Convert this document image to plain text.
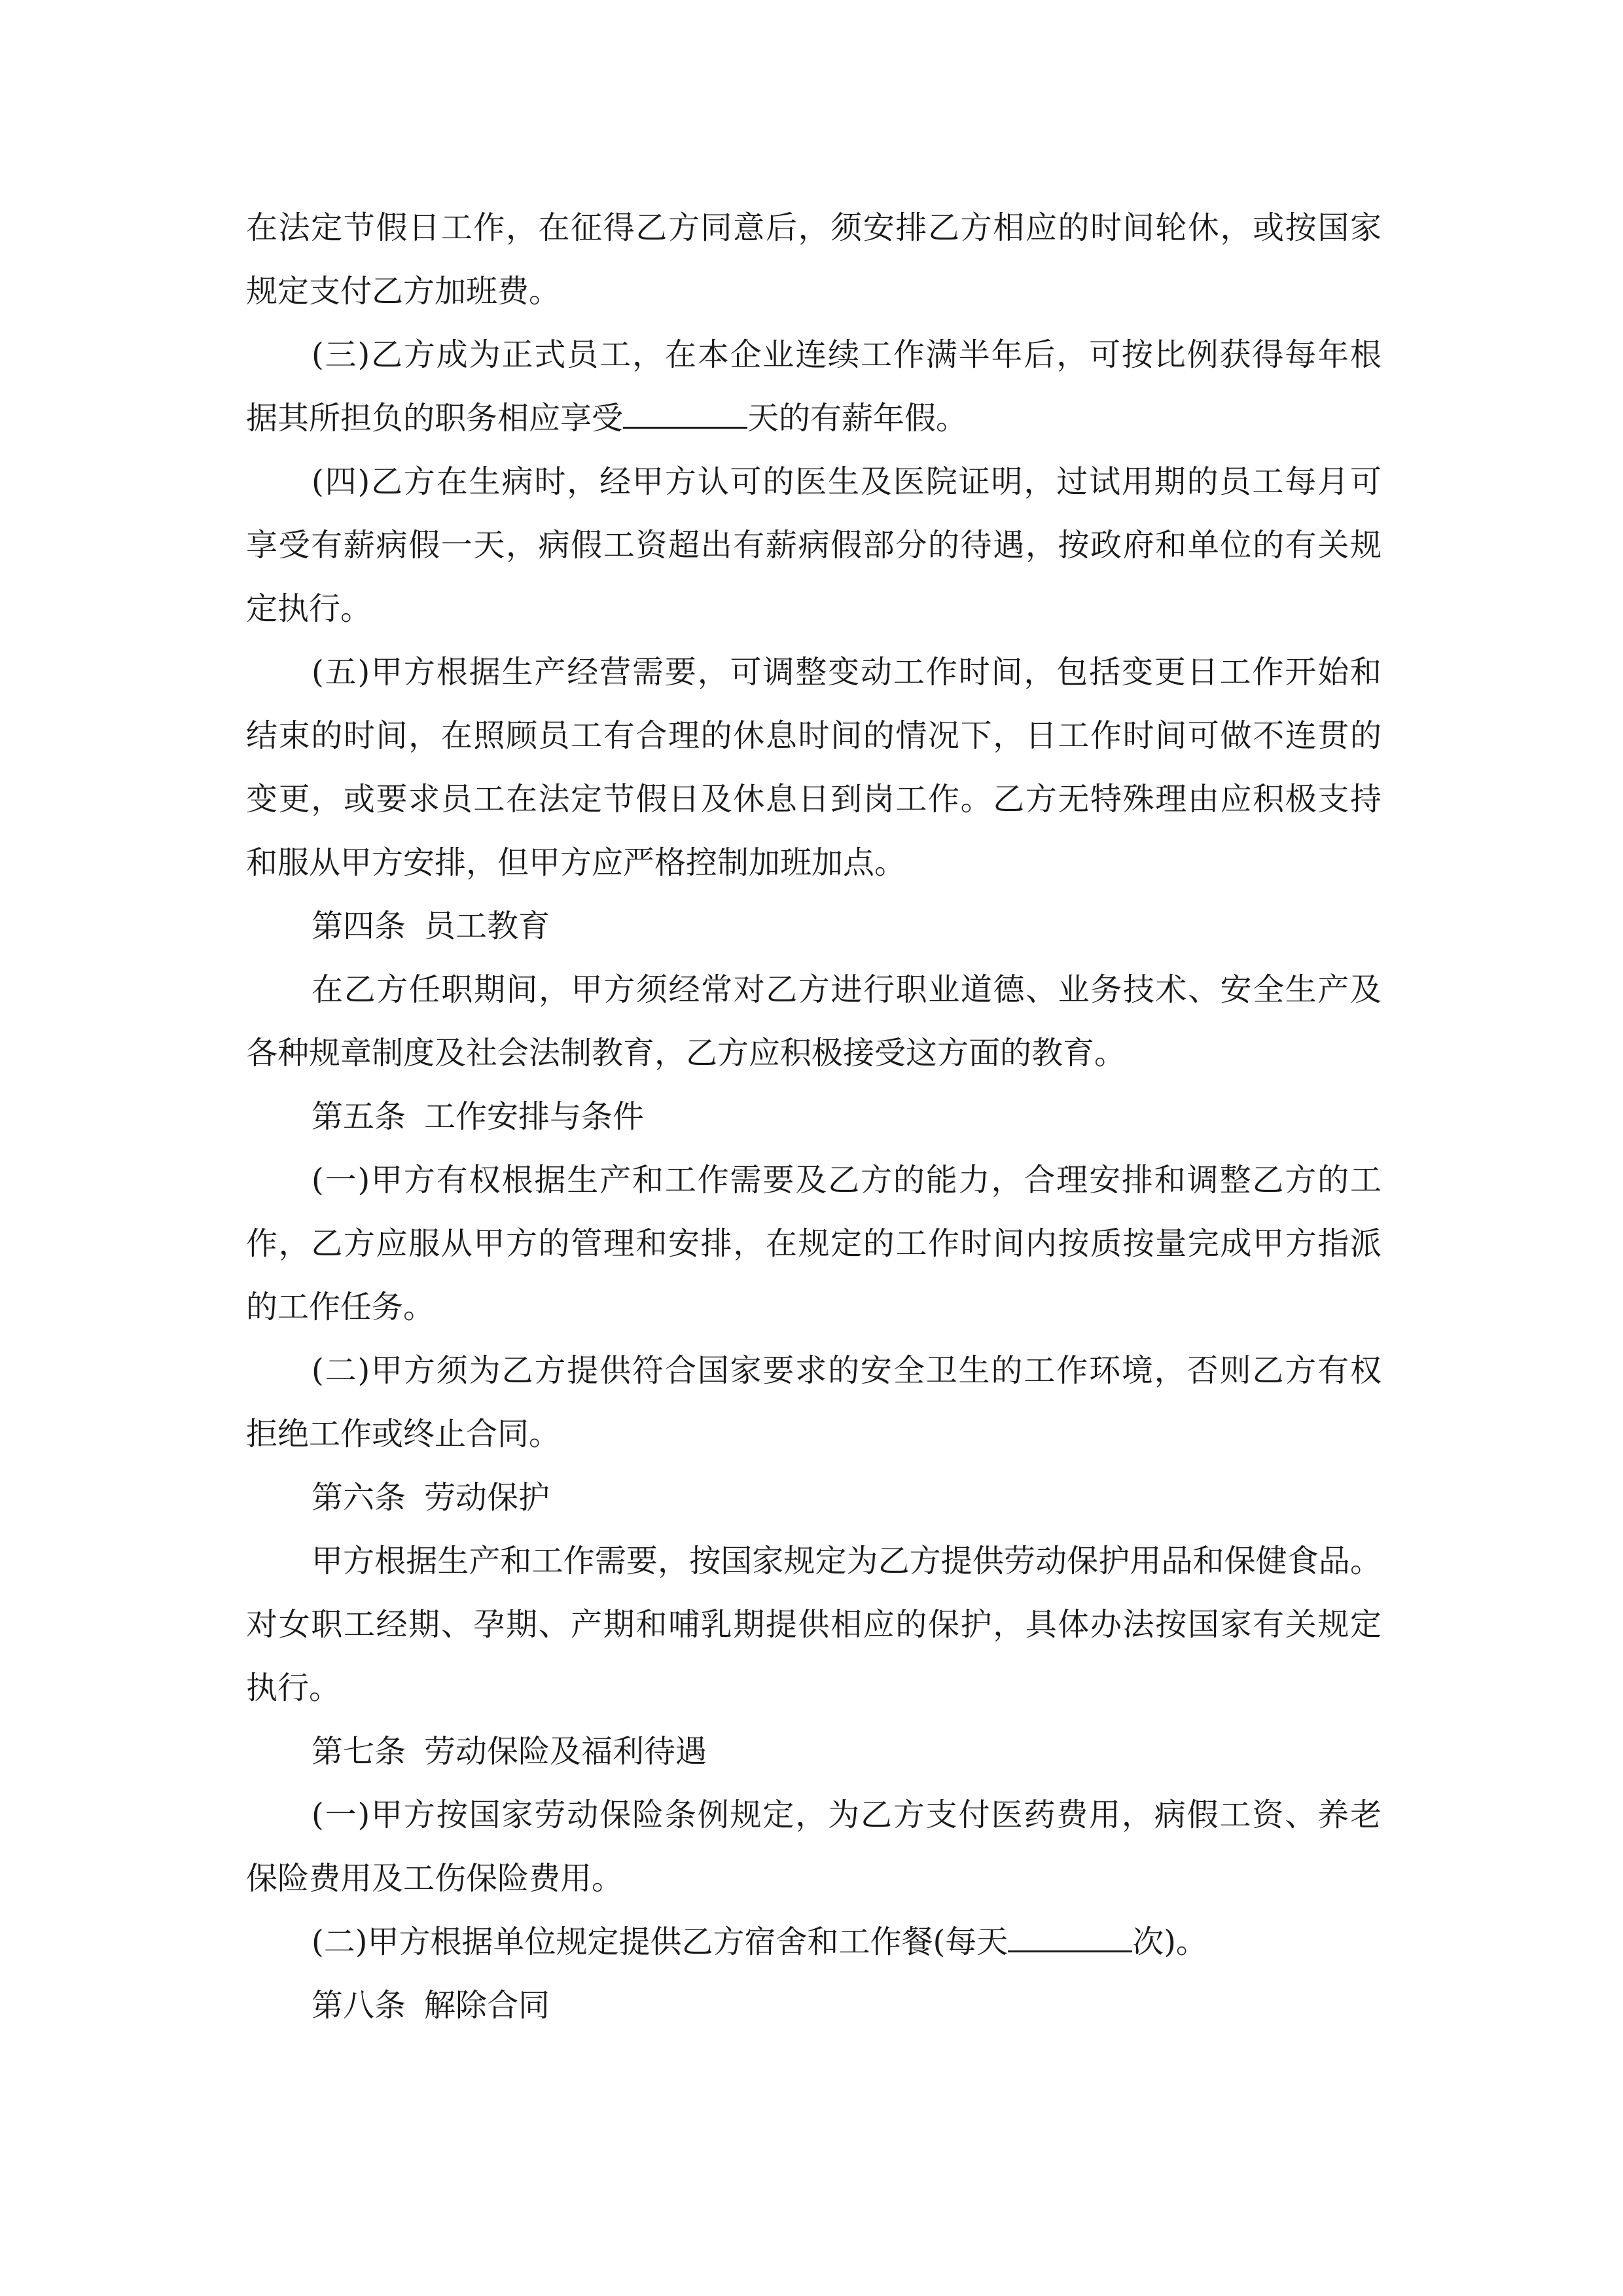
在法定节假日工作，在征得乙方同意后，须安排乙方相应的时间轮休，或按国家
规定支付乙方加班费。
(三)乙方成为正式员工，在本企业连续工作满半年后，可按比例获得每年根
据其所担负的职务相应享受	天的有薪年假。
(四)乙方在生病时，经甲方认可的医生及医院证明，过试用期的员工每月可
享受有薪病假一天，病假工资超出有薪病假部分的待遇，按政府和单位的有关规
定执行。
(五)甲方根据生产经营需要，可调整变动工作时间，包括变更日工作开始和
结束的时间，在照顾员工有合理的休息时间的情况下，日工作时间可做不连贯的
变更，或要求员工在法定节假日及休息日到岗工作。乙方无特殊理由应积极支持
和服从甲方安排，但甲方应严格控制加班加点。
第四条 员工教育
在乙方任职期间，甲方须经常对乙方进行职业道德、业务技术、安全生产及
各种规章制度及社会法制教育，乙方应积极接受这方面的教育。
第五条 工作安排与条件
(一)甲方有权根据生产和工作需要及乙方的能力，合理安排和调整乙方的工
作，乙方应服从甲方的管理和安排，在规定的工作时间内按质按量完成甲方指派
的工作任务。
(二)甲方须为乙方提供符合国家要求的安全卫生的工作环境，否则乙方有权
拒绝工作或终止合同。
第六条 劳动保护
甲方根据生产和工作需要，按国家规定为乙方提供劳动保护用品和保健食品。
对女职工经期、孕期、产期和哺乳期提供相应的保护，具体办法按国家有关规定
执行。
第七条 劳动保险及福利待遇
(一)甲方按国家劳动保险条例规定，为乙方支付医药费用，病假工资、养老
保险费用及工伤保险费用。
(二)甲方根据单位规定提供乙方宿舍和工作餐(每天	次)。
第八条 解除合同
